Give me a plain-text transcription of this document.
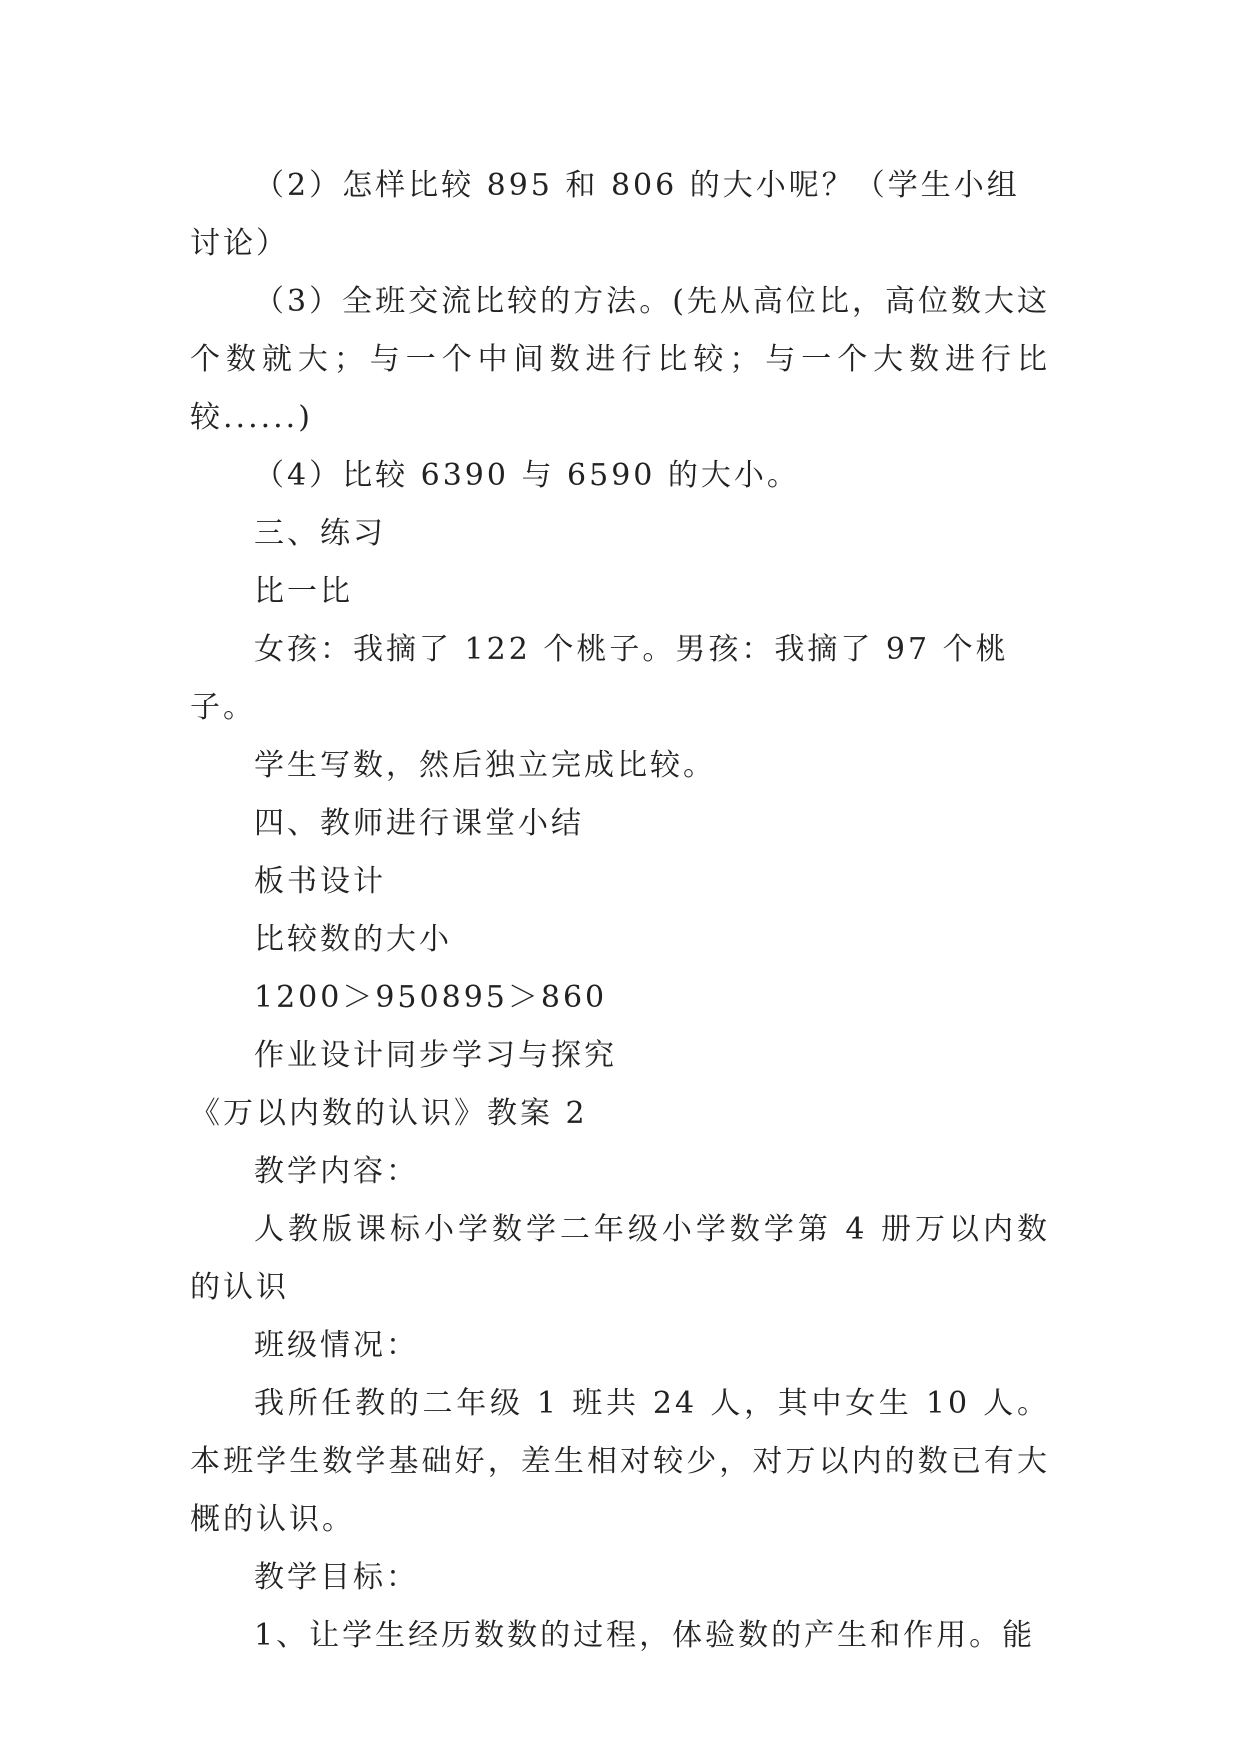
（2）怎样比较 895 和 806 的大小呢？（学生小组讨论）

（3）全班交流比较的方法。(先从高位比，高位数大这个数就大；与一个中间数进行比较；与一个大数进行比较......)

（4）比较 6390 与 6590 的大小。

三、练习

比一比

女孩：我摘了 122 个桃子。男孩：我摘了 97 个桃子。

学生写数，然后独立完成比较。

四、教师进行课堂小结

板书设计

比较数的大小

1200＞950895＞860

作业设计同步学习与探究

《万以内数的认识》教案 2

教学内容：

人教版课标小学数学二年级小学数学第 4 册万以内数的认识

班级情况：

我所任教的二年级 1 班共 24 人，其中女生 10 人。本班学生数学基础好，差生相对较少，对万以内的数已有大概的认识。

教学目标：

1、让学生经历数数的过程，体验数的产生和作用。能
